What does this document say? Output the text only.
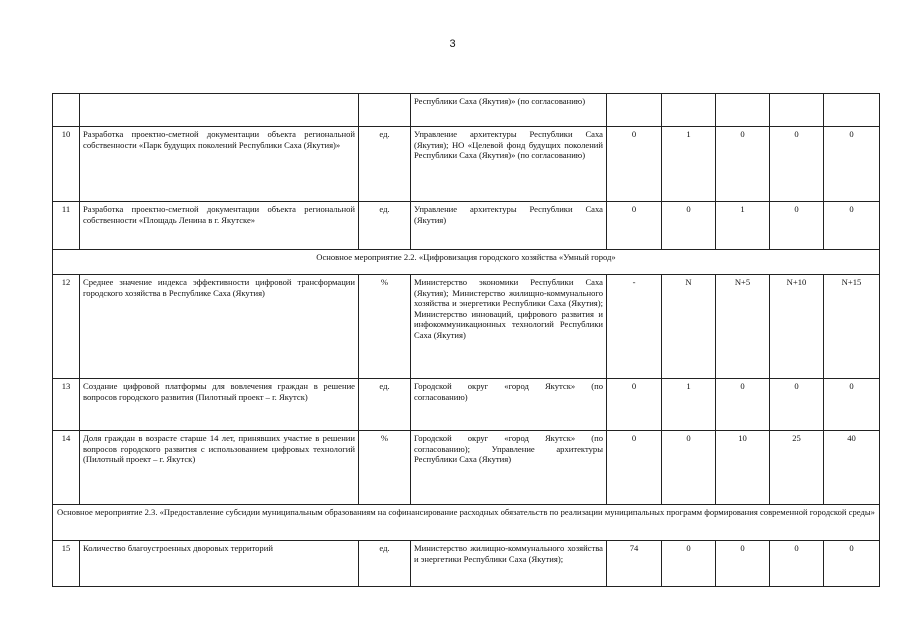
3
			Республики Саха (Якутия)» (по согласованию)					
10	Разработка проектно-сметной документации объекта региональной собственности «Парк будущих поколений Республики Саха (Якутия)»	ед.	Управление архитектуры Республики Саха (Якутия); НО «Целевой фонд будущих поколений Республики Саха (Якутия)» (по согласованию)	0	1	0	0	0
11	Разработка проектно-сметной документации объекта региональной собственности «Площадь Ленина в г. Якутске»	ед.	Управление архитектуры Республики Саха (Якутия)	0	0	1	0	0
Основное мероприятие 2.2. «Цифровизация городского хозяйства «Умный город»								
12	Среднее значение индекса эффективности цифровой трансформации городского хозяйства в Республике Саха (Якутия)	%	Министерство экономики Республики Саха (Якутия); Министерство жилищно-коммунального хозяйства и энергетики Республики Саха (Якутия); Министерство инноваций, цифрового развития и инфокоммуникационных технологий Республики Саха (Якутия)	-	N	N+5	N+10	N+15
13	Создание цифровой платформы для вовлечения граждан в решение вопросов городского развития (Пилотный проект – г. Якутск)	ед.	Городской округ «город Якутск» (по согласованию)	0	1	0	0	0
14	Доля граждан в возрасте старше 14 лет, принявших участие в решении вопросов городского развития с использованием цифровых технологий (Пилотный проект – г. Якутск)	%	Городской округ «город Якутск» (по согласованию); Управление архитектуры Республики Саха (Якутия)	0	0	10	25	40
Основное мероприятие 2.3. «Предоставление субсидии муниципальным образованиям на софинансирование расходных обязательств по реализации муниципальных программ формирования современной городской среды»								
15	Количество благоустроенных дворовых территорий	ед.	Министерство жилищно-коммунального хозяйства и энергетики Республики Саха (Якутия);	74	0	0	0	0
